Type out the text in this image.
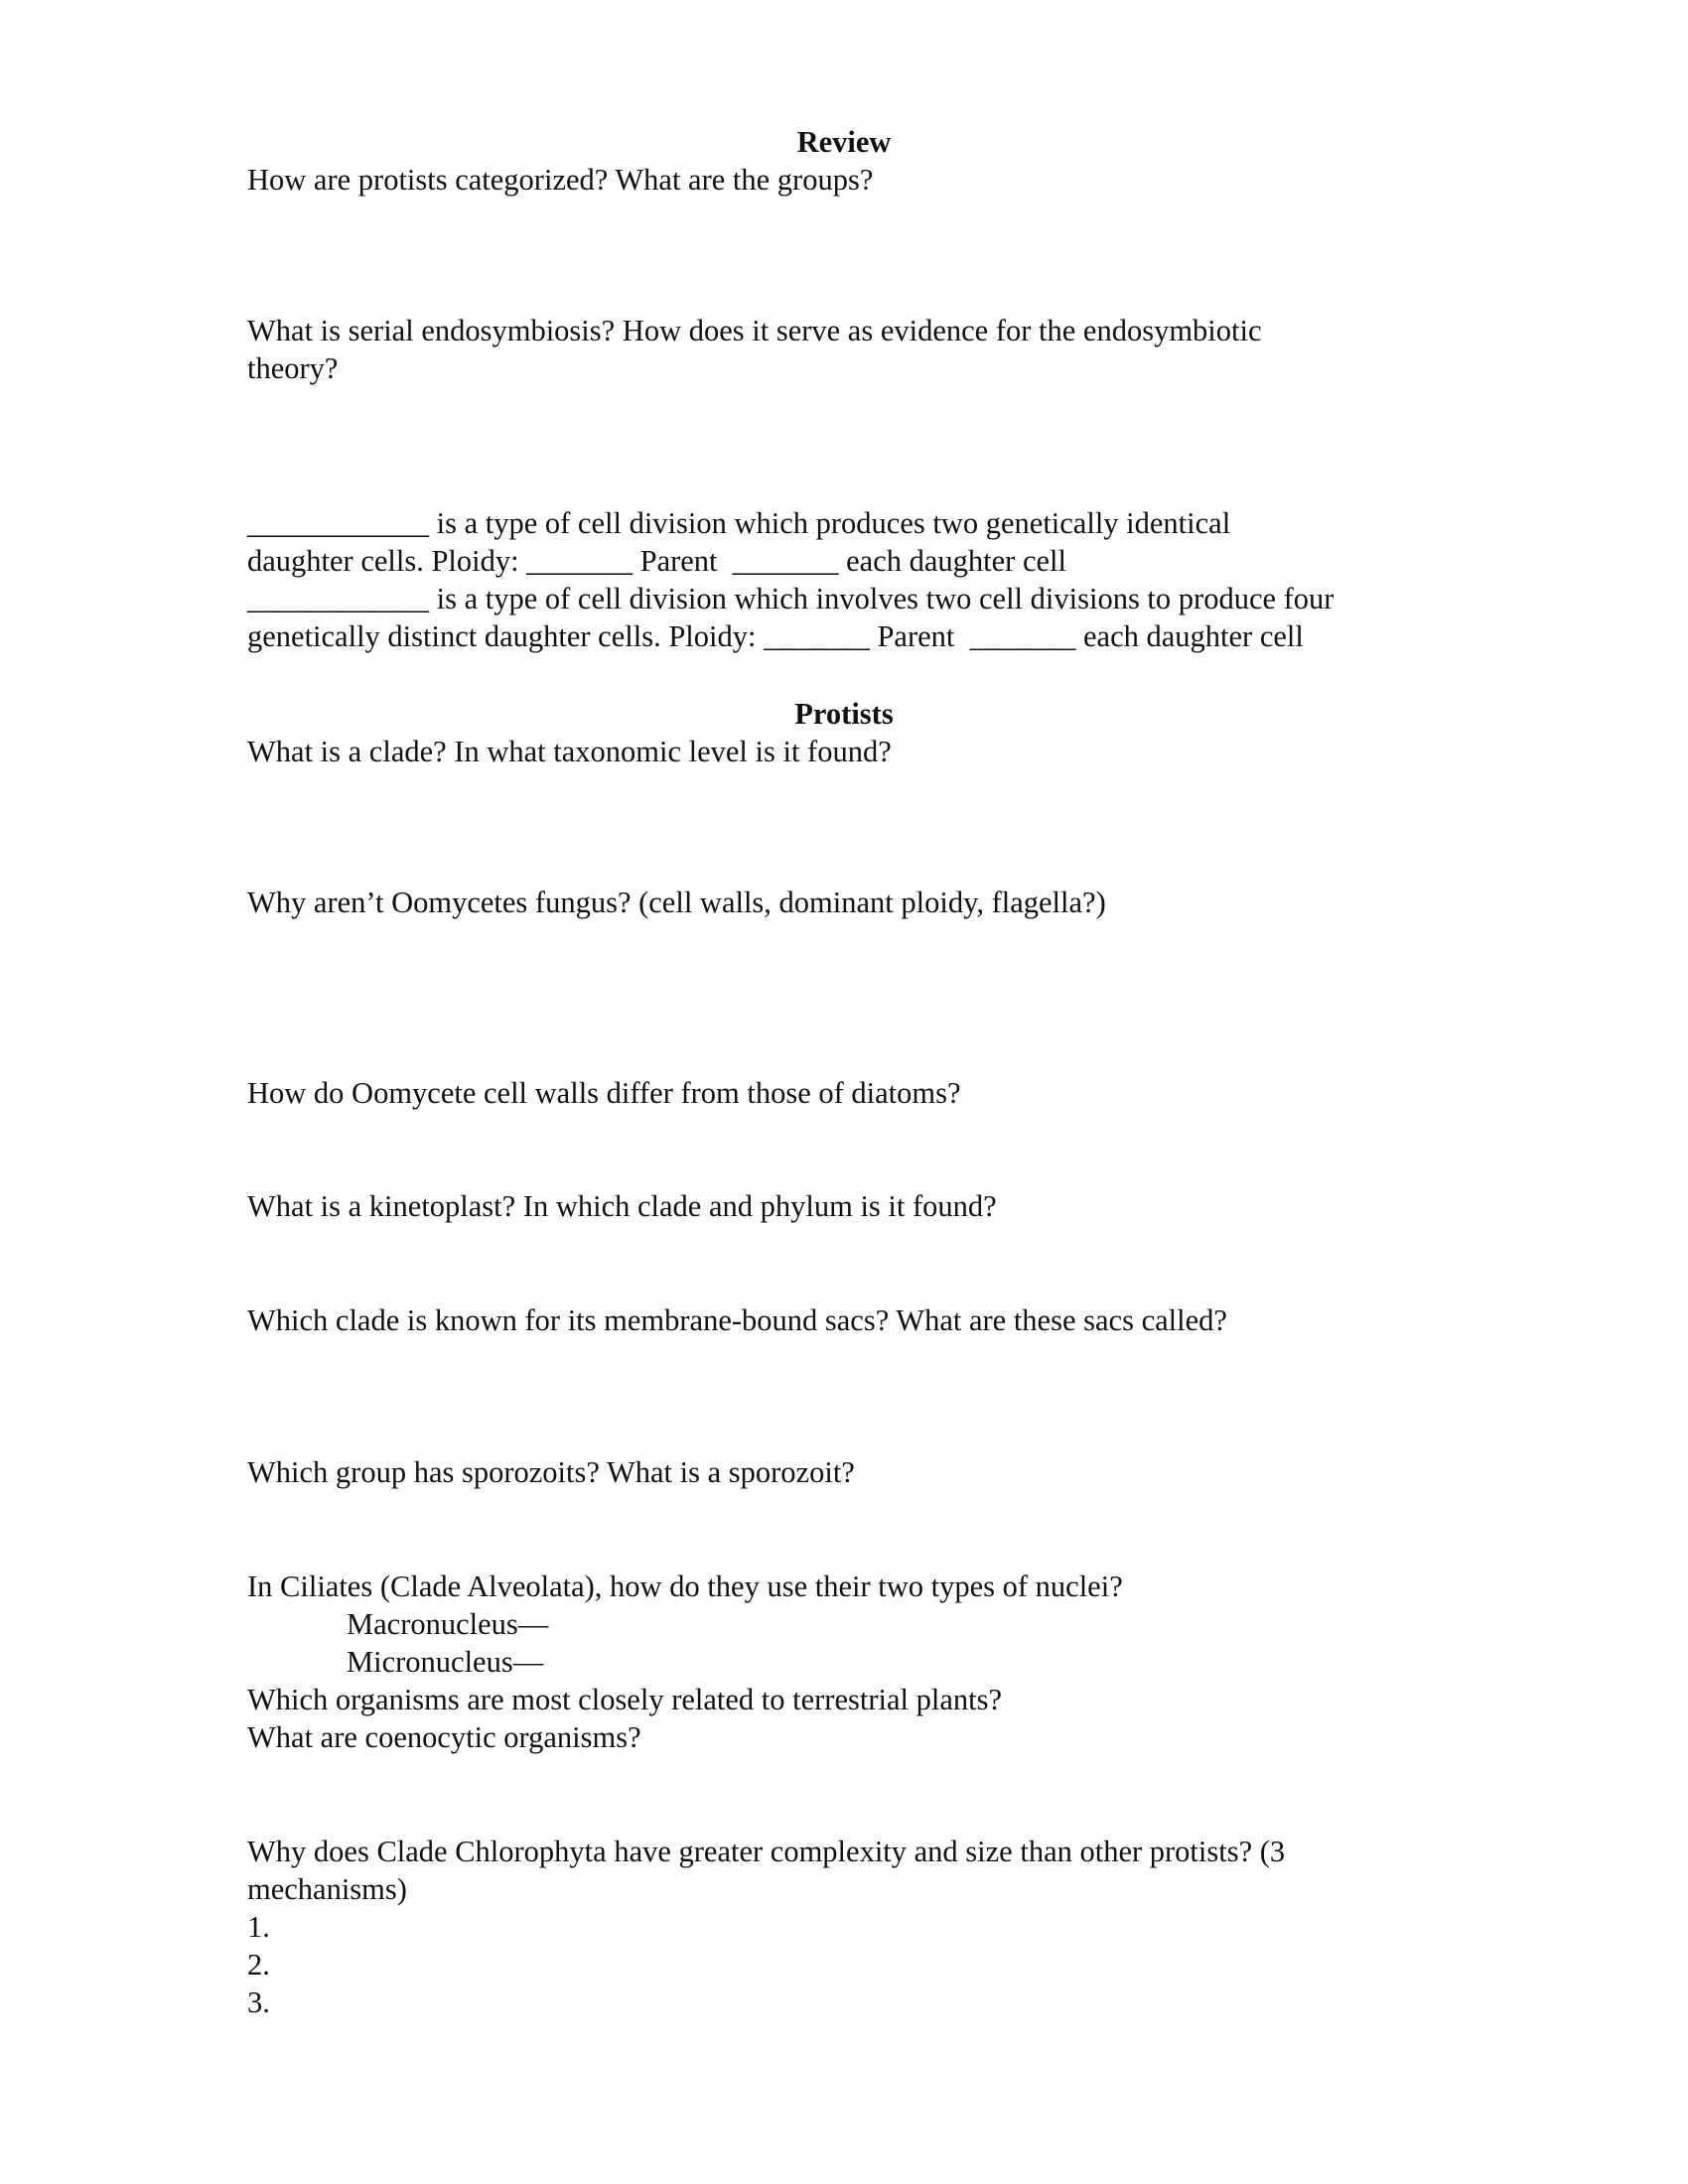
Review
How are protists categorized? What are the groups?
What is serial endosymbiosis? How does it serve as evidence for the endosymbiotic
theory?
____________ is a type of cell division which produces two genetically identical
daughter cells. Ploidy: _______ Parent  _______ each daughter cell
____________ is a type of cell division which involves two cell divisions to produce four
genetically distinct daughter cells. Ploidy: _______ Parent  _______ each daughter cell
Protists
What is a clade? In what taxonomic level is it found?
Why aren’t Oomycetes fungus? (cell walls, dominant ploidy, flagella?)
How do Oomycete cell walls differ from those of diatoms?
What is a kinetoplast? In which clade and phylum is it found?
Which clade is known for its membrane-bound sacs? What are these sacs called?
Which group has sporozoits? What is a sporozoit?
In Ciliates (Clade Alveolata), how do they use their two types of nuclei?
Macronucleus—
Micronucleus—
Which organisms are most closely related to terrestrial plants?
What are coenocytic organisms?
Why does Clade Chlorophyta have greater complexity and size than other protists? (3
mechanisms)
1.
2.
3.
